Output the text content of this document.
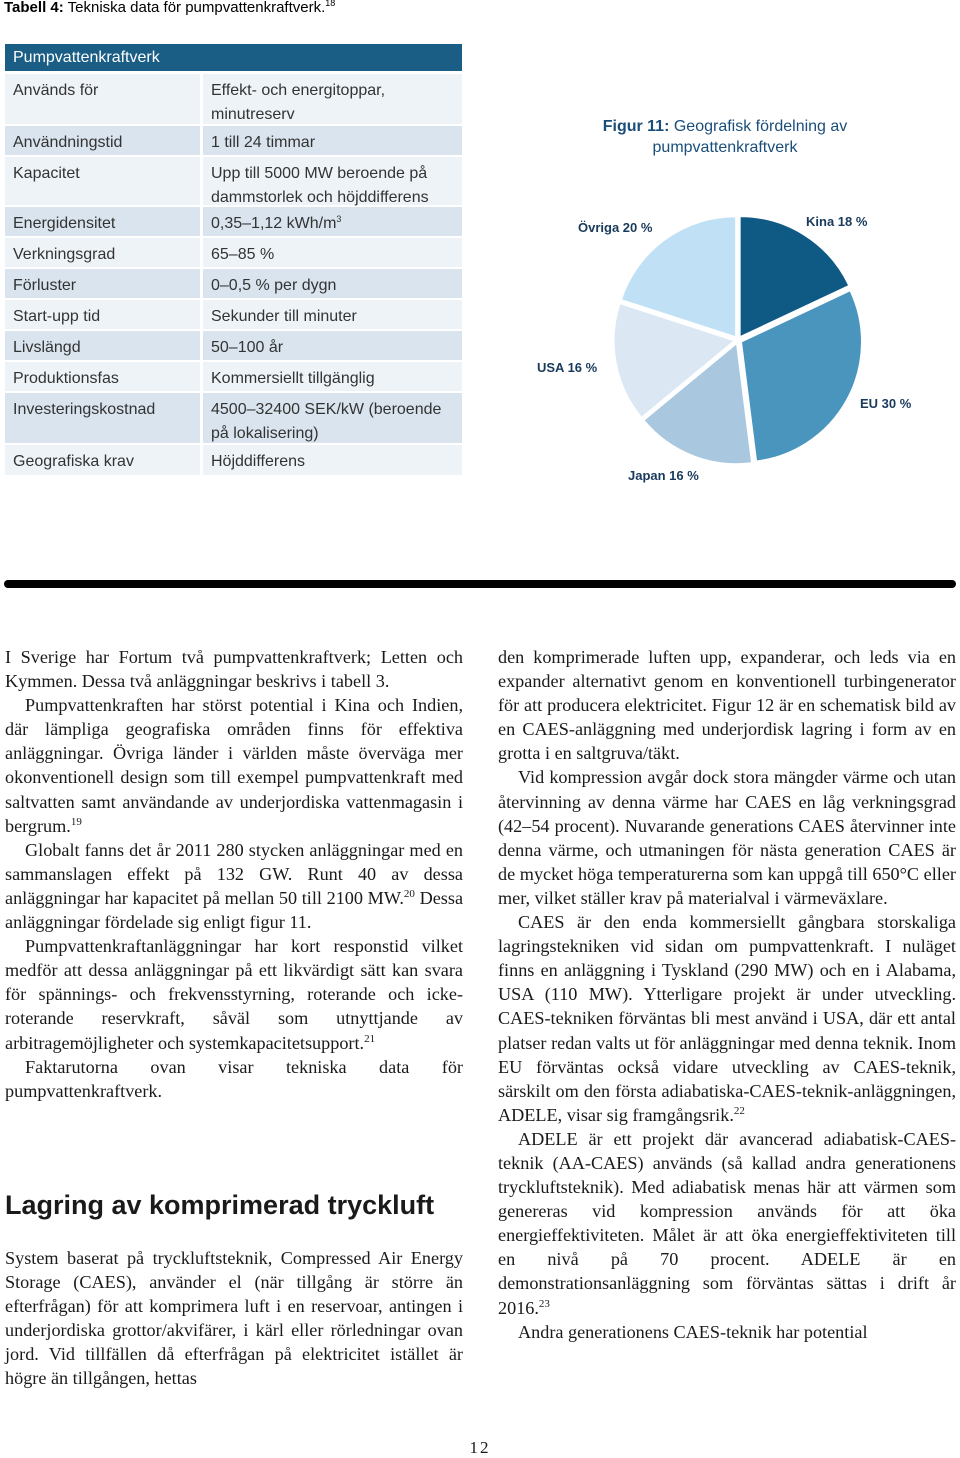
Tabell 4: Tekniska data för pumpvattenkraftverk.$^{18}$
Pumpvattenkraftverk
Används för	Effekt- och energitoppar, minutreserv
Användningstid	1 till 24 timmar
Kapacitet	Upp till 5000 MW beroende på dammstorlek och höjddifferens
Energidensitet	0,35–1,12 kWh/$m^3$
Verkningsgrad	65–85 %
Förluster	0–0,5 % per dygn
Start-upp tid	Sekunder till minuter
Livslängd	50–100 år
Produktionsfas	Kommersiellt tillgänglig
Investeringskostnad	4500–32400 SEK/kW (beroende på lokalisering)
Geografiska krav	Höjddifferens
Figur 11: Geografisk fördelning av pumpvattenkraftverk
Kina 18 %
EU 30 %
Japan 16 %
USA 16 %
Övriga 20 %

I Sverige har Fortum två pumpvattenkraftverk; Letten och Kymmen. Dessa två anläggningar beskrivs i tabell 3.

Pumpvattenkraften har störst potential i Kina och Indien, där lämpliga geografiska områden finns för effektiva anläggningar. Övriga länder i världen måste överväga mer okonventionell design som till exempel pumpvattenkraft med saltvatten samt användande av underjordiska vattenmagasin i bergrum.$^{19}$

Globalt fanns det år 2011 280 stycken anläggningar med en sammanslagen effekt på 132 GW. Runt 40 av dessa anläggningar har kapacitet på mellan 50 till 2100 MW.$^{20}$ Dessa anläggningar fördelade sig enligt figur 11.

Pumpvattenkraftanläggningar har kort responstid vilket medför att dessa anläggningar på ett likvärdigt sätt kan svara för spännings- och frekvensstyrning, roterande och icke-roterande reservkraft, såväl som utnyttjande av arbitragemöjligheter och systemkapacitetsupport.$^{21}$

Faktarutorna ovan visar tekniska data för pumpvattenkraftverk.

Lagring av komprimerad tryckluft

System baserat på tryckluftsteknik, Compressed Air Energy Storage (CAES), använder el (när tillgång är större än efterfrågan) för att komprimera luft i en reservoar, antingen i underjordiska grottor/akvifärer, i kärl eller rörledningar ovan jord. Vid tillfällen då efterfrågan på elektricitet istället är högre än tillgången, hettas

den komprimerade luften upp, expanderar, och leds via en expander alternativt genom en konventionell turbingenerator för att producera elektricitet. Figur 12 är en schematisk bild av en CAES-anläggning med underjordisk lagring i form av en grotta i en saltgruva/täkt.

Vid kompression avgår dock stora mängder värme och utan återvinning av denna värme har CAES en låg verkningsgrad (42–54 procent). Nuvarande generations CAES återvinner inte denna värme, och utmaningen för nästa generation CAES är de mycket höga temperaturerna som kan uppgå till 650°C eller mer, vilket ställer krav på materialval i värmeväxlare.

CAES är den enda kommersiellt gångbara storskaliga lagringstekniken vid sidan om pumpvattenkraft. I nuläget finns en anläggning i Tyskland (290 MW) och en i Alabama, USA (110 MW). Ytterligare projekt är under utveckling. CAES-tekniken förväntas bli mest använd i USA, där ett antal platser redan valts ut för anläggningar med denna teknik. Inom EU förväntas också vidare utveckling av CAES-teknik, särskilt om den första adiabatiska-CAES-teknik-anläggningen, ADELE, visar sig framgångsrik.$^{22}$

ADELE är ett projekt där avancerad adiabatisk-CAES-teknik (AA-CAES) används (så kallad andra generationens tryckluftsteknik). Med adiabatisk menas här att värmen som genereras vid kompression används för att öka energieffektiviteten. Målet är att öka energieffektiviteten till en nivå på 70 procent. ADELE är en demonstrationsanläggning som förväntas sättas i drift år 2016.23

Andra generationens CAES-teknik har potential

12
